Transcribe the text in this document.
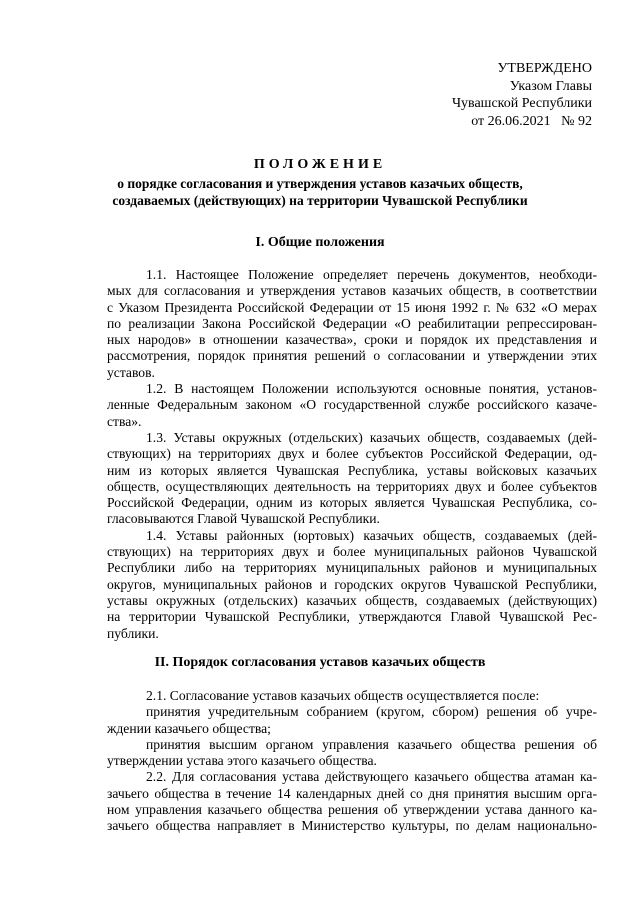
УТВЕРЖДЕНО
Указом Главы
Чувашской Республики
от 26.06.2021   № 92
ПОЛОЖЕНИЕ
о порядке согласования и утверждения уставов казачьих обществ,
создаваемых (действующих) на территории Чувашской Республики
I. Общие положения
1.1. Настоящее Положение определяет перечень документов, необходи-
мых для согласования и утверждения уставов казачьих обществ, в соответствии
с Указом Президента Российской Федерации от 15 июня 1992 г. № 632 «О мерах
по реализации Закона Российской Федерации «О реабилитации репрессирован-
ных народов» в отношении казачества», сроки и порядок их представления и
рассмотрения, порядок принятия решений о согласовании и утверждении этих
уставов.
1.2. В настоящем Положении используются основные понятия, установ-
ленные Федеральным законом «О государственной службе российского казаче-
ства».
1.3. Уставы окружных (отдельских) казачьих обществ, создаваемых (дей-
ствующих) на территориях двух и более субъектов Российской Федерации, од-
ним из которых является Чувашская Республика, уставы войсковых казачьих
обществ, осуществляющих деятельность на территориях двух и более субъектов
Российской Федерации, одним из которых является Чувашская Республика, со-
гласовываются Главой Чувашской Республики.
1.4. Уставы районных (юртовых) казачьих обществ, создаваемых (дей-
ствующих) на территориях двух и более муниципальных районов Чувашской
Республики либо на территориях муниципальных районов и муниципальных
округов, муниципальных районов и городских округов Чувашской Республики,
уставы окружных (отдельских) казачьих обществ, создаваемых (действующих)
на территории Чувашской Республики, утверждаются Главой Чувашской Рес-
публики.
II. Порядок согласования уставов казачьих обществ
2.1. Согласование уставов казачьих обществ осуществляется после:
принятия учредительным собранием (кругом, сбором) решения об учре-
ждении казачьего общества;
принятия высшим органом управления казачьего общества решения об
утверждении устава этого казачьего общества.
2.2. Для согласования устава действующего казачьего общества атаман ка-
зачьего общества в течение 14 календарных дней со дня принятия высшим орга-
ном управления казачьего общества решения об утверждении устава данного ка-
зачьего общества направляет в Министерство культуры, по делам национально-
